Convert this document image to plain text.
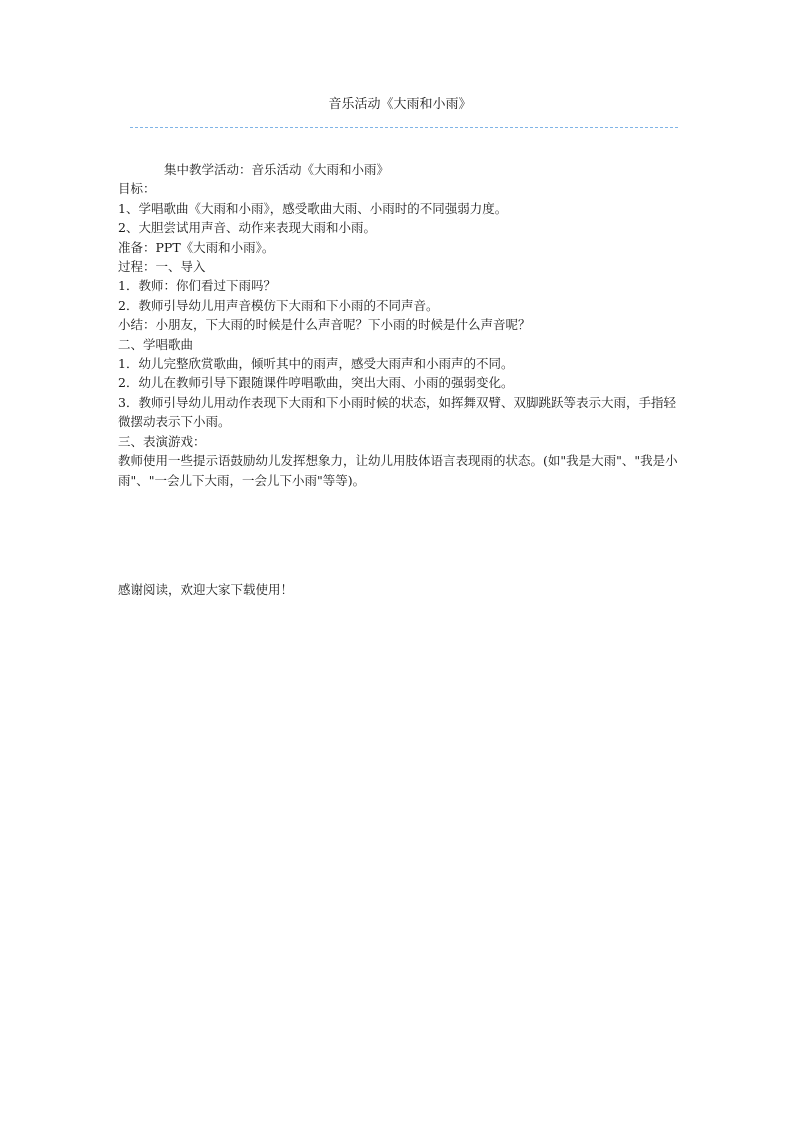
音乐活动《大雨和小雨》

集中教学活动：音乐活动《大雨和小雨》

目标：

1、学唱歌曲《大雨和小雨》，感受歌曲大雨、小雨时的不同强弱力度。

2、大胆尝试用声音、动作来表现大雨和小雨。

准备：PPT《大雨和小雨》。

过程：一、导入

1．教师：你们看过下雨吗？

2．教师引导幼儿用声音模仿下大雨和下小雨的不同声音。

小结：小朋友，下大雨的时候是什么声音呢？下小雨的时候是什么声音呢？

二、学唱歌曲

1．幼儿完整欣赏歌曲，倾听其中的雨声，感受大雨声和小雨声的不同。

2．幼儿在教师引导下跟随课件哼唱歌曲，突出大雨、小雨的强弱变化。

3．教师引导幼儿用动作表现下大雨和下小雨时候的状态，如挥舞双臂、双脚跳跃等表示大雨，手指轻微摆动表示下小雨。

三、表演游戏：

教师使用一些提示语鼓励幼儿发挥想象力，让幼儿用肢体语言表现雨的状态。(如"我是大雨"、"我是小雨"、"一会儿下大雨，一会儿下小雨"等等)。

感谢阅读，欢迎大家下载使用！
